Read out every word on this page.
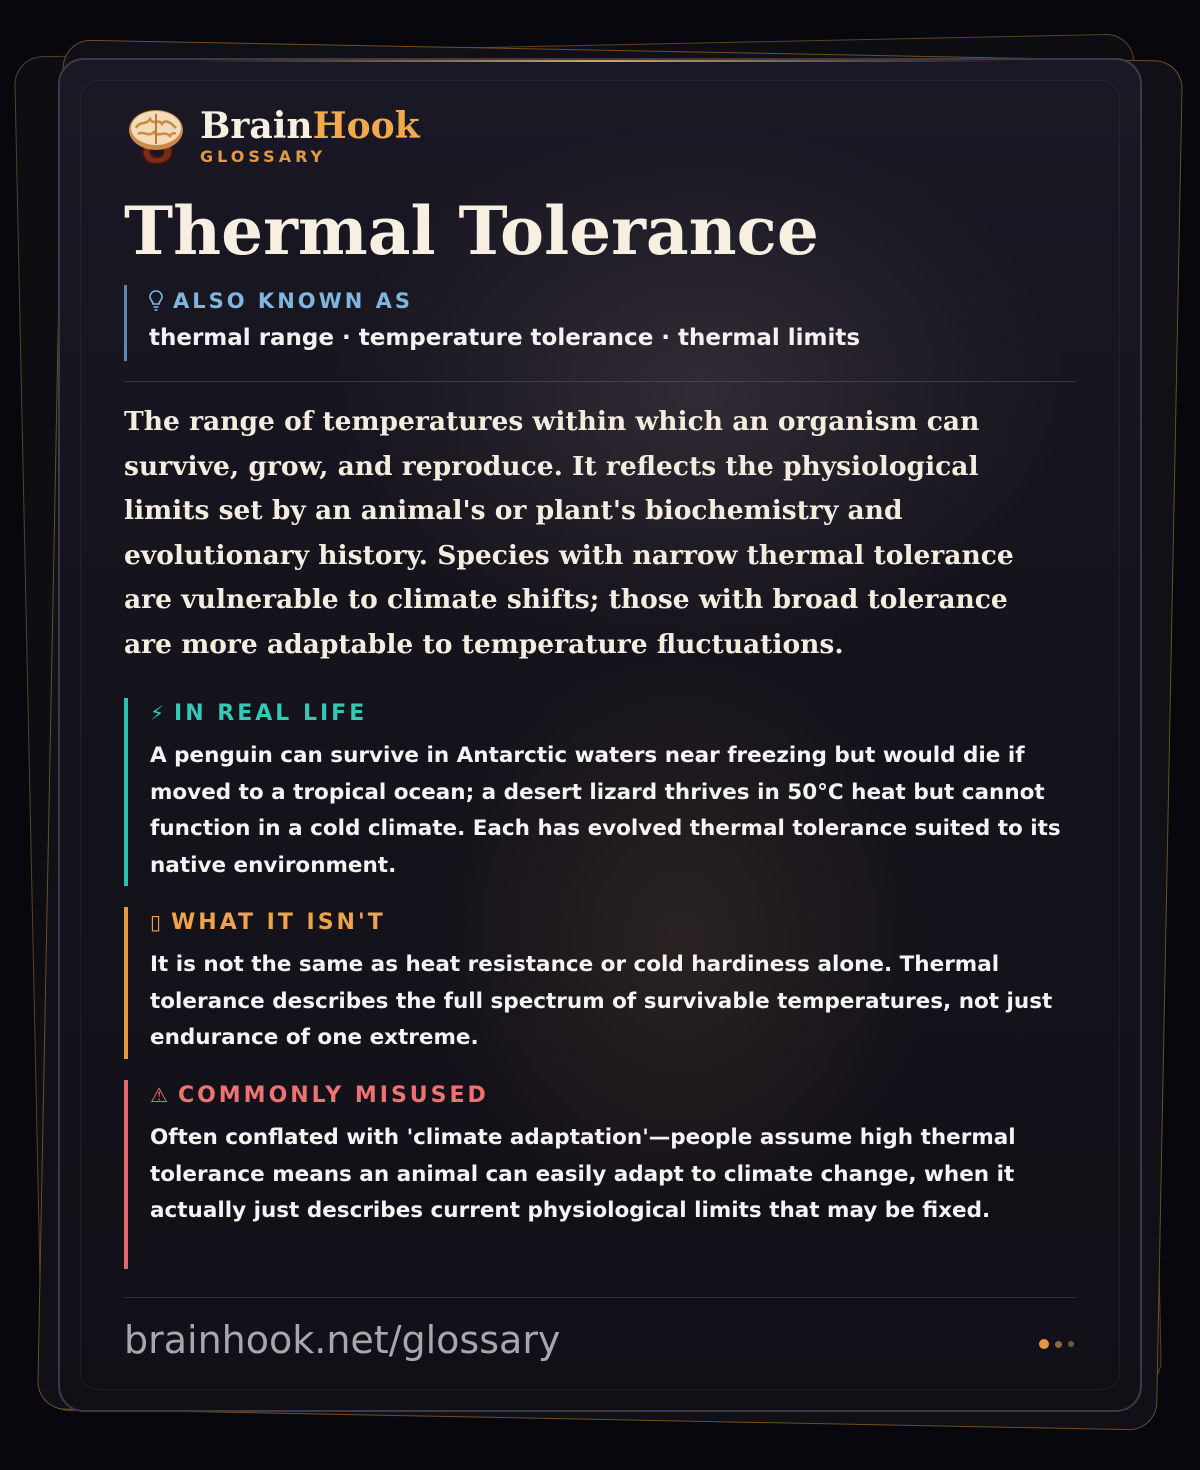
BrainHook
GLOSSARY
Thermal Tolerance
ALSO KNOWN AS
thermal range · temperature tolerance · thermal limits

The range of temperatures within which an organism can survive, grow, and reproduce. It reflects the physiological limits set by an animal's or plant's biochemistry and evolutionary history. Species with narrow thermal tolerance are vulnerable to climate shifts; those with broad tolerance are more adaptable to temperature fluctuations.

⚡ IN REAL LIFE

A penguin can survive in Antarctic waters near freezing but would die if moved to a tropical ocean; a desert lizard thrives in 50°C heat but cannot function in a cold climate. Each has evolved thermal tolerance suited to its native environment.

▯ WHAT IT ISN'T

It is not the same as heat resistance or cold hardiness alone. Thermal tolerance describes the full spectrum of survivable temperatures, not just endurance of one extreme.

⚠ COMMONLY MISUSED

Often conflated with 'climate adaptation'—people assume high thermal tolerance means an animal can easily adapt to climate change, when it actually just describes current physiological limits that may be fixed.

brainhook.net/glossary
